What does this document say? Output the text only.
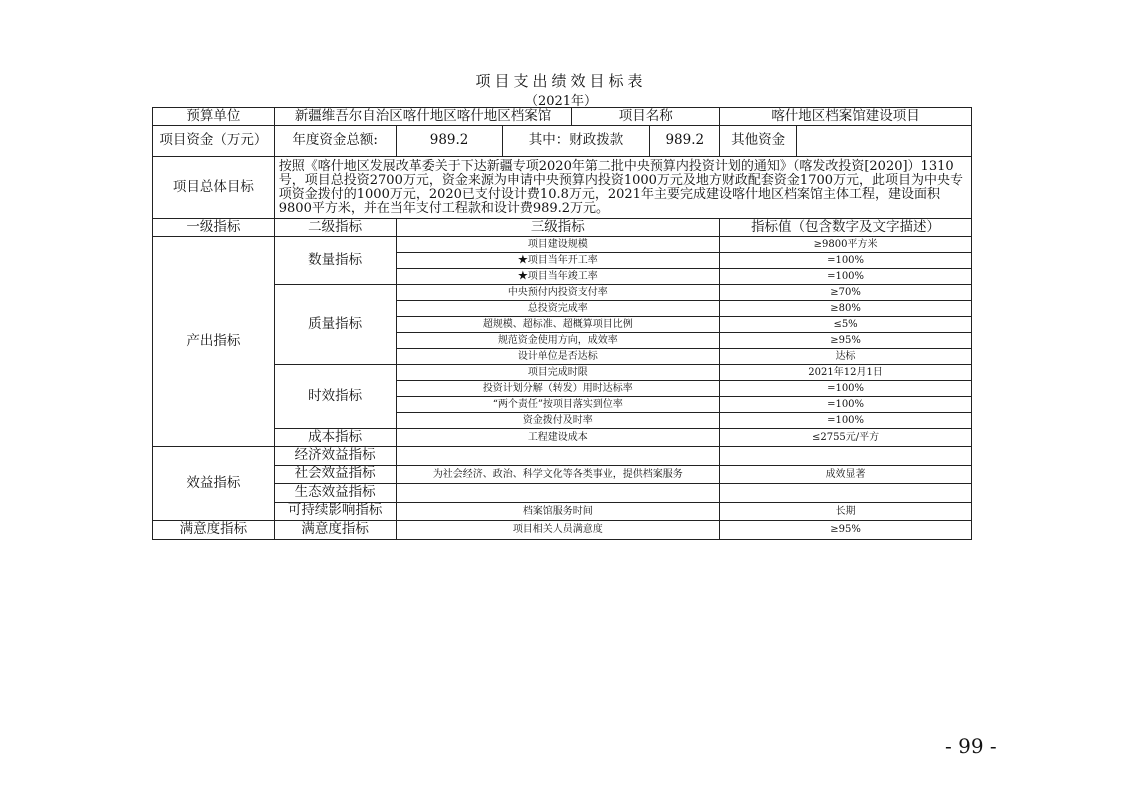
项目支出绩效目标表
（2021年）
预算单位	新疆维吾尔自治区喀什地区喀什地区档案馆			项目名称		喀什地区档案馆建设项目	
项目资金（万元）	年度资金总额:	989.2	其中：财政拨款		989.2	其他资金	
项目总体目标	按照《喀什地区发展改革委关于下达新疆专项2020年第二批中央预算内投资计划的通知》（喀发改投资[2020]）1310号，项目总投资2700万元，资金来源为申请中央预算内投资1000万元及地方财政配套资金1700万元，此项目为中央专项资金拨付的1000万元，2020已支付设计费10.8万元，2021年主要完成建设喀什地区档案馆主体工程，建设面积9800平方米，并在当年支付工程款和设计费989.2万元。						
一级指标	二级指标	三级指标				指标值（包含数字及文字描述）	
产出指标	数量指标	项目建设规模				≥9800平方米	
		★项目当年开工率				=100%	
		★项目当年竣工率				=100%	
	质量指标	中央预付内投资支付率				≥70%	
		总投资完成率				≥80%	
		超规模、超标准、超概算项目比例				≤5%	
		规范资金使用方向，成效率				≥95%	
		设计单位是否达标				达标	
	时效指标	项目完成时限				2021年12月1日	
		投资计划分解（转发）用时达标率				=100%	
		“两个责任”按项目落实到位率				=100%	
		资金拨付及时率				=100%	
	成本指标	工程建设成本				≤2755元/平方	
效益指标	经济效益指标						
	社会效益指标	为社会经济、政治、科学文化等各类事业，提供档案服务				成效显著	
	生态效益指标						
	可持续影响指标	档案馆服务时间				长期	
满意度指标	满意度指标	项目相关人员满意度				≥95%	
- 99 -
